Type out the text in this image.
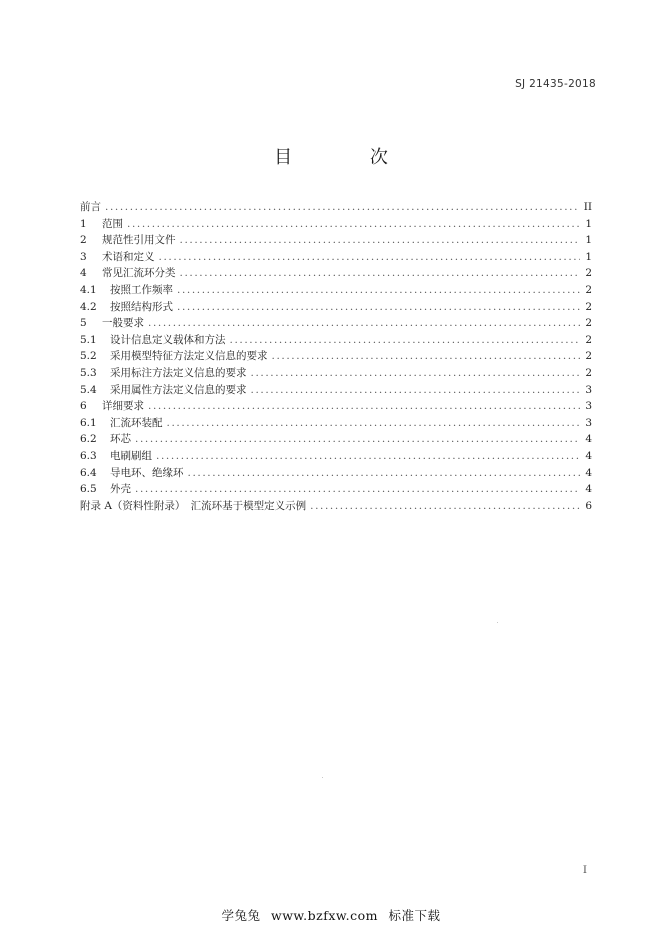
SJ 21435-2018
目 次
前言 .....	II
1	范围 .....	1
2	规范性引用文件 .....	1
3	术语和定义 .....	1
4	常见汇流环分类 .....	2
4.1	按照工作频率 .....	2
4.2	按照结构形式 .....	2
5	一般要求 .....	2
5.1	设计信息定义载体和方法 .....	2
5.2	采用模型特征方法定义信息的要求 .....	2
5.3	采用标注方法定义信息的要求 .....	2
5.4	采用属性方法定义信息的要求 .....	3
6	详细要求 .....	3
6.1	汇流环装配 .....	3
6.2	环芯 .....	4
6.3	电刷刷组 .....	4
6.4	导电环、绝缘环 .....	4
6.5	外壳 .....	4
附录 A（资料性附录）　汇流环基于模型定义示例 .....	6
I
学兔兔 www.bzfxw.com 标准下载
